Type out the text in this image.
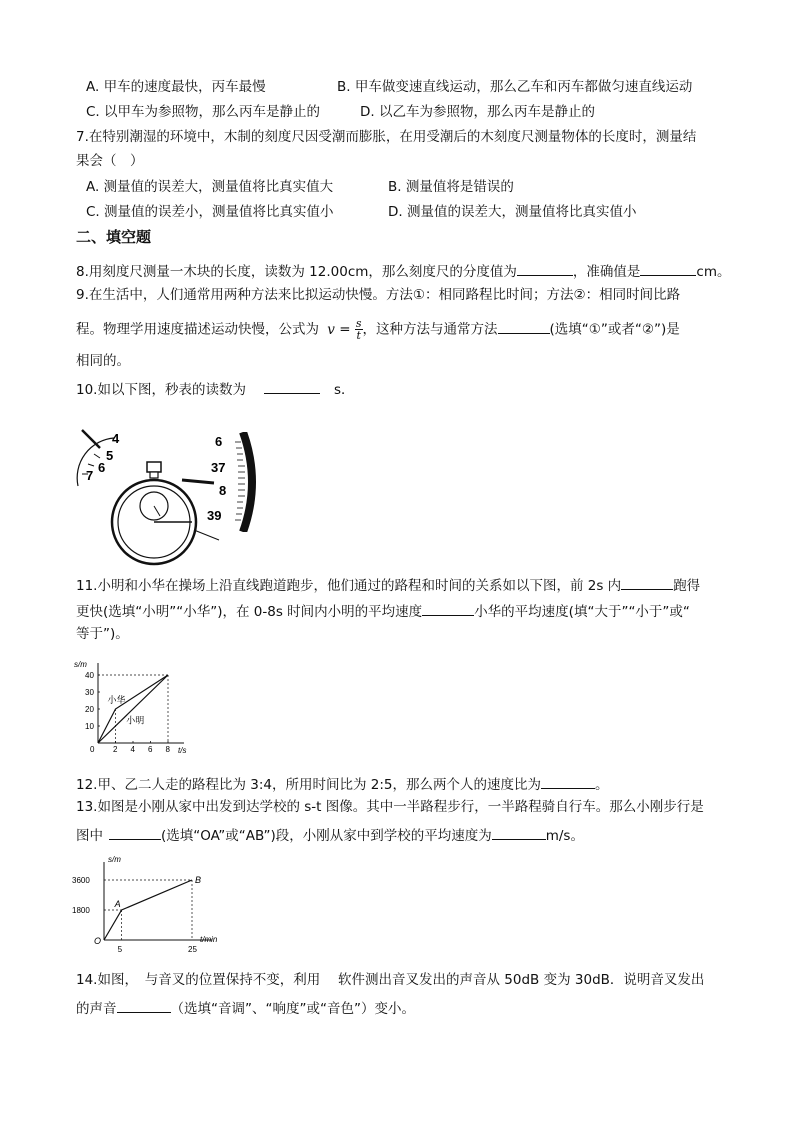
A. 甲车的速度最快，丙车最慢	B. 甲车做变速直线运动，那么乙车和丙车都做匀速直线运动
C. 以甲车为参照物，那么丙车是静止的	D. 以乙车为参照物，那么丙车是静止的
7.在特别潮湿的环境中，木制的刻度尺因受潮而膨胀，在用受潮后的木刻度尺测量物体的长度时，测量结
果会（　）
A. 测量值的误差大，测量值将比真实值大	B. 测量值将是错误的
C. 测量值的误差小，测量值将比真实值小	D. 测量值的误差大，测量值将比真实值小
二、填空题
8.用刻度尺测量一木块的长度，读数为 12.00cm，那么刻度尺的分度值为	，准确值是	cm。
9.在生活中，人们通常用两种方法来比拟运动快慢。方法①：相同路程比时间；方法②：相同时间比路
程。物理学用速度描述运动快慢，公式为 $v = \frac{s}{t}$ ，这种方法与通常方法	(选填“①”或者“②”)是
相同的。
10.如以下图，秒表的读数为	s．
4
5
6
7
6
37
8
39
11.小明和小华在操场上沿直线跑道跑步，他们通过的路程和时间的关系如以下图，前 2s 内	跑得
更快(选填“小明”“小华”)，在 0-8s 时间内小明的平均速度	小华的平均速度(填“大于”“小于”或“
等于”)。
s/m
t/s
0 2 4 6 8
10
20
30
40
小华
小明
12.甲、乙二人走的路程比为 3:4，所用时间比为 2:5，那么两个人的速度比为	。
13.如图是小刚从家中出发到达学校的 s-t 图像。其中一半路程步行，一半路程骑自行车。那么小刚步行是
图中	(选填“OA”或“AB”)段，小刚从家中到学校的平均速度为	m/s。
s/m
t/min
O
5	25
1800
3600
A
B
14.如图，　与音叉的位置保持不变，利用　 软件测出音叉发出的声音从 50dB 变为 30dB．说明音叉发出
的声音	（选填“音调”、“响度”或“音色”）变小。
